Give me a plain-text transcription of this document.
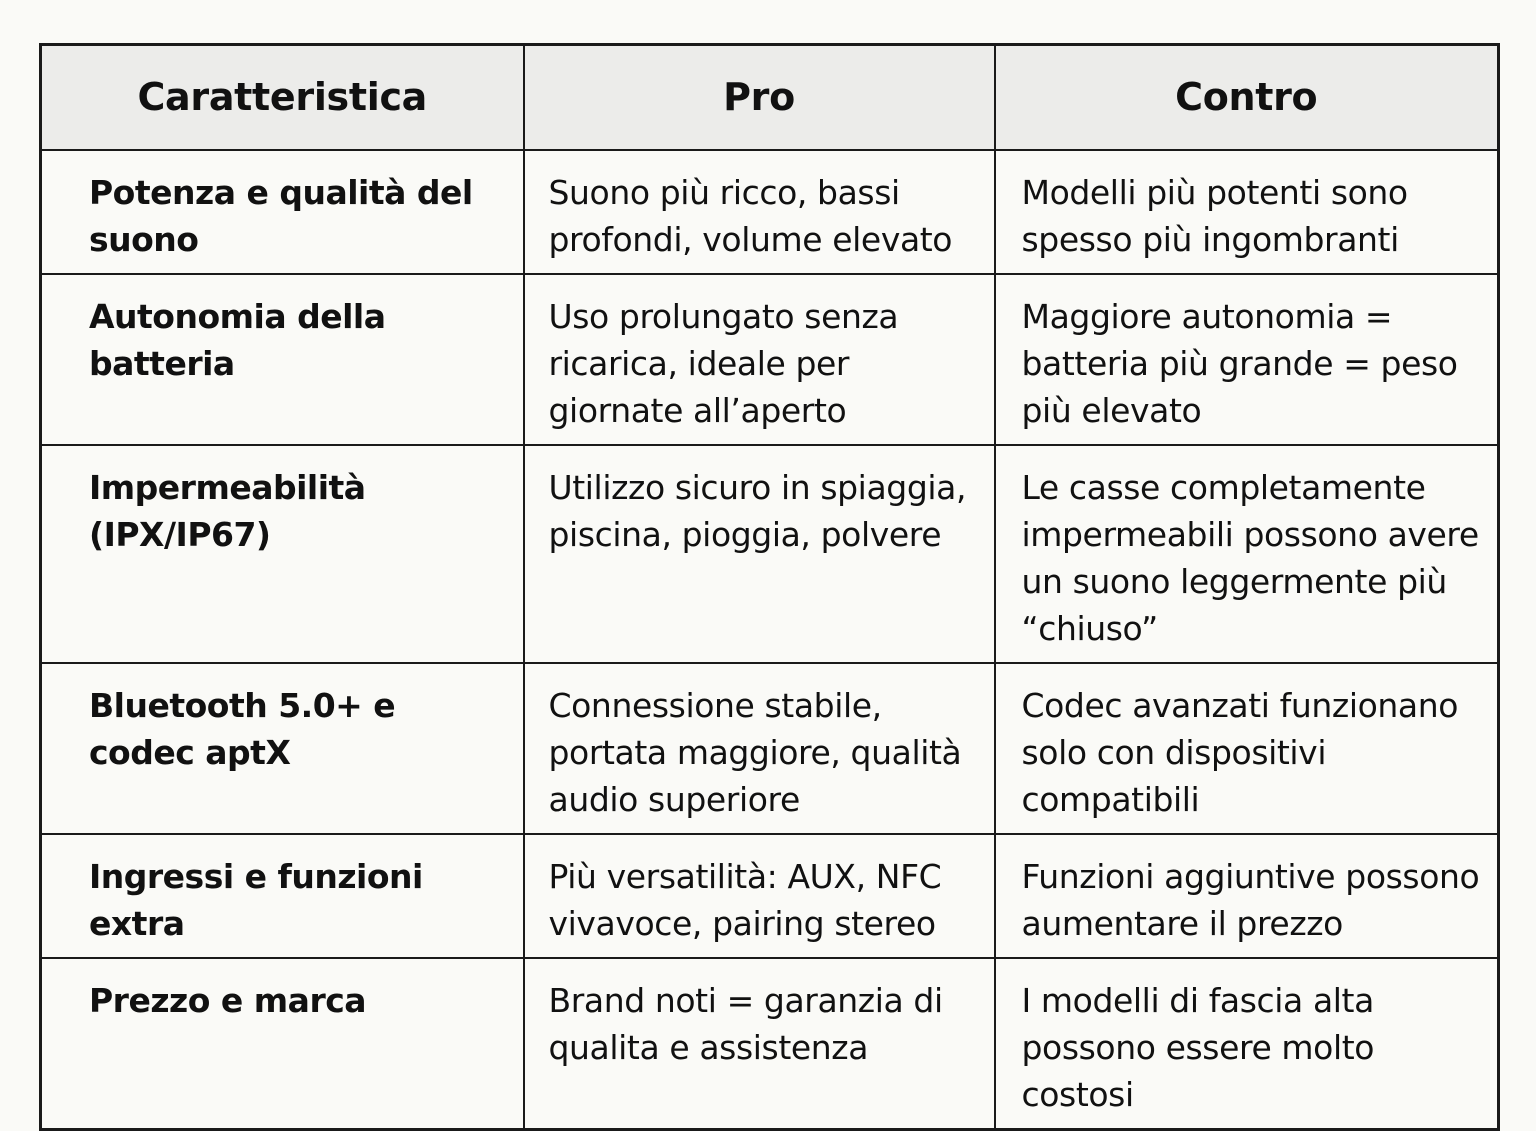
Caratteristica	Pro	Contro
Potenza e qualità del suono	Suono più ricco, bassi profondi, volume elevato	Modelli più potenti sono spesso più ingombranti
Autonomia della batteria	Uso prolungato senza ricarica, ideale per giornate all’aperto	Maggiore autonomia = batteria più grande = peso più elevato
Impermeabilità (IPX/IP67)	Utilizzo sicuro in spiaggia, piscina, pioggia, polvere	Le casse completamente impermeabili possono avere un suono leggermente più “chiuso”
Bluetooth 5.0+ e codec aptX	Connessione stabile, portata maggiore, qualità audio superiore	Codec avanzati funzionano solo con dispositivi compatibili
Ingressi e funzioni extra	Più versatilità: AUX, NFC vivavoce, pairing stereo	Funzioni aggiuntive possono aumentare il prezzo
Prezzo e marca	Brand noti = garanzia di qualita e assistenza	I modelli di fascia alta possono essere molto costosi
